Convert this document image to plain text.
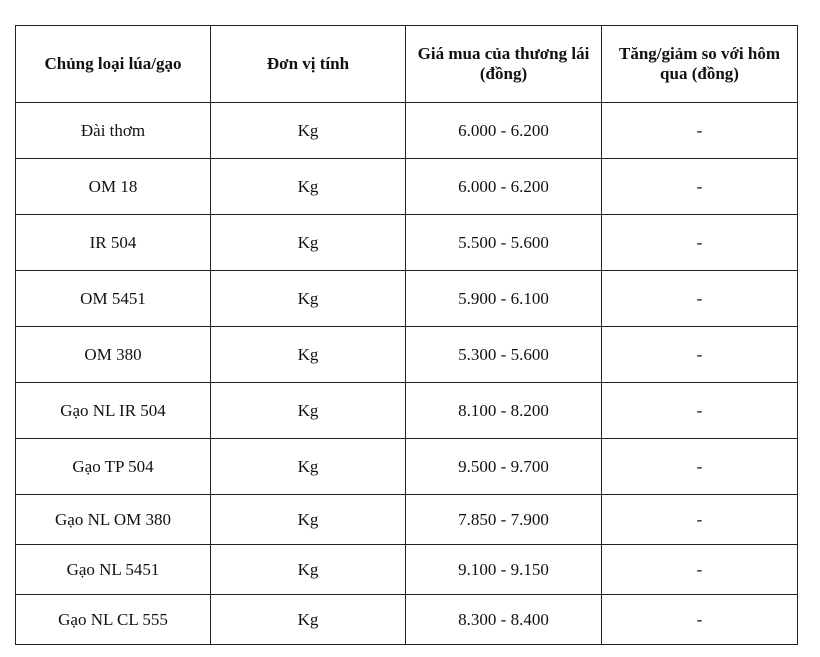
Chủng loại lúa/gạo	Đơn vị tính	Giá mua của thương lái (đồng)	Tăng/giảm so với hôm qua (đồng)
Đài thơm	Kg	6.000 - 6.200	-
OM 18	Kg	6.000 - 6.200	-
IR 504	Kg	5.500 - 5.600	-
OM 5451	Kg	5.900 - 6.100	-
OM 380	Kg	5.300 - 5.600	-
Gạo NL IR 504	Kg	8.100 - 8.200	-
Gạo TP 504	Kg	9.500 - 9.700	-
Gạo NL OM 380	Kg	7.850 - 7.900	-
Gạo NL 5451	Kg	9.100 - 9.150	-
Gạo NL CL 555	Kg	8.300 - 8.400	-
